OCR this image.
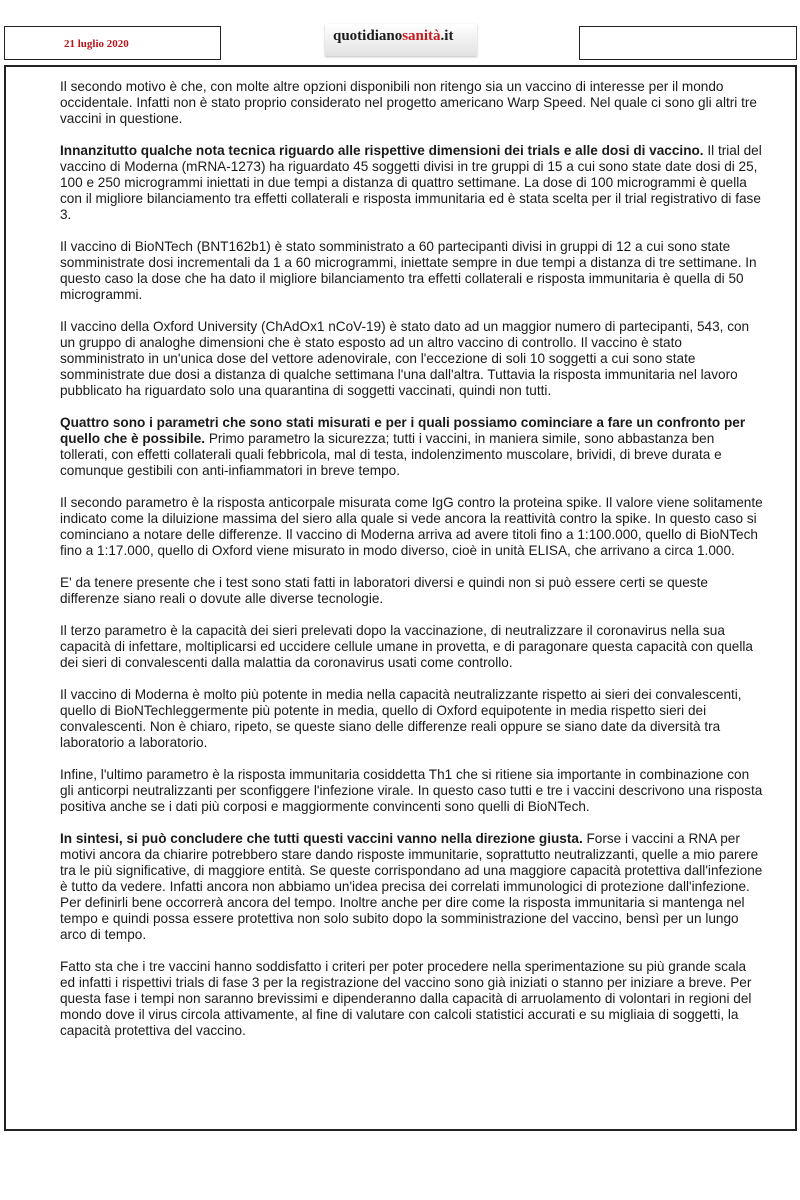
21 luglio 2020	quotidianosanità.it

Il secondo motivo è che, con molte altre opzioni disponibili non ritengo sia un vaccino di interesse per il mondo occidentale. Infatti non è stato proprio considerato nel progetto americano Warp Speed. Nel quale ci sono gli altri tre vaccini in questione.

Innanzitutto qualche nota tecnica riguardo alle rispettive dimensioni dei trials e alle dosi di vaccino. Il trial del vaccino di Moderna (mRNA-1273) ha riguardato 45 soggetti divisi in tre gruppi di 15 a cui sono state date dosi di 25, 100 e 250 microgrammi iniettati in due tempi a distanza di quattro settimane. La dose di 100 microgrammi è quella con il migliore bilanciamento tra effetti collaterali e risposta immunitaria ed è stata scelta per il trial registrativo di fase 3.

Il vaccino di BioNTech (BNT162b1) è stato somministrato a 60 partecipanti divisi in gruppi di 12 a cui sono state somministrate dosi incrementali da 1 a 60 microgrammi, iniettate sempre in due tempi a distanza di tre settimane. In questo caso la dose che ha dato il migliore bilanciamento tra effetti collaterali e risposta immunitaria è quella di 50 microgrammi.

Il vaccino della Oxford University (ChAdOx1 nCoV-19) è stato dato ad un maggior numero di partecipanti, 543, con un gruppo di analoghe dimensioni che è stato esposto ad un altro vaccino di controllo. Il vaccino è stato somministrato in un'unica dose del vettore adenovirale, con l'eccezione di soli 10 soggetti a cui sono state somministrate due dosi a distanza di qualche settimana l'una dall'altra. Tuttavia la risposta immunitaria nel lavoro pubblicato ha riguardato solo una quarantina di soggetti vaccinati, quindi non tutti.

Quattro sono i parametri che sono stati misurati e per i quali possiamo cominciare a fare un confronto per quello che è possibile. Primo parametro la sicurezza; tutti i vaccini, in maniera simile, sono abbastanza ben tollerati, con effetti collaterali quali febbricola, mal di testa, indolenzimento muscolare, brividi, di breve durata e comunque gestibili con anti-infiammatori in breve tempo.

Il secondo parametro è la risposta anticorpale misurata come IgG contro la proteina spike. Il valore viene solitamente indicato come la diluizione massima del siero alla quale si vede ancora la reattività contro la spike. In questo caso si cominciano a notare delle differenze. Il vaccino di Moderna arriva ad avere titoli fino a 1:100.000, quello di BioNTech fino a 1:17.000, quello di Oxford viene misurato in modo diverso, cioè in unità ELISA, che arrivano a circa 1.000.

E' da tenere presente che i test sono stati fatti in laboratori diversi e quindi non si può essere certi se queste differenze siano reali o dovute alle diverse tecnologie.

Il terzo parametro è la capacità dei sieri prelevati dopo la vaccinazione, di neutralizzare il coronavirus nella sua capacità di infettare, moltiplicarsi ed uccidere cellule umane in provetta, e di paragonare questa capacità con quella dei sieri di convalescenti dalla malattia da coronavirus usati come controllo.

Il vaccino di Moderna è molto più potente in media nella capacità neutralizzante rispetto ai sieri dei convalescenti, quello di BioNTechleggermente più potente in media, quello di Oxford equipotente in media rispetto sieri dei convalescenti. Non è chiaro, ripeto, se queste siano delle differenze reali oppure se siano date da diversità tra laboratorio a laboratorio.

Infine, l'ultimo parametro è la risposta immunitaria cosiddetta Th1 che si ritiene sia importante in combinazione con gli anticorpi neutralizzanti per sconfiggere l'infezione virale. In questo caso tutti e tre i vaccini descrivono una risposta positiva anche se i dati più corposi e maggiormente convincenti sono quelli di BioNTech.

In sintesi, si può concludere che tutti questi vaccini vanno nella direzione giusta. Forse i vaccini a RNA per motivi ancora da chiarire potrebbero stare dando risposte immunitarie, soprattutto neutralizzanti, quelle a mio parere tra le più significative, di maggiore entità. Se queste corrispondano ad una maggiore capacità protettiva dall'infezione è tutto da vedere. Infatti ancora non abbiamo un'idea precisa dei correlati immunologici di protezione dall'infezione. Per definirli bene occorrerà ancora del tempo. Inoltre anche per dire come la risposta immunitaria si mantenga nel tempo e quindi possa essere protettiva non solo subito dopo la somministrazione del vaccino, bensì per un lungo arco di tempo.

Fatto sta che i tre vaccini hanno soddisfatto i criteri per poter procedere nella sperimentazione su più grande scala ed infatti i rispettivi trials di fase 3 per la registrazione del vaccino sono già iniziati o stanno per iniziare a breve. Per questa fase i tempi non saranno brevissimi e dipenderanno dalla capacità di arruolamento di volontari in regioni del mondo dove il virus circola attivamente, al fine di valutare con calcoli statistici accurati e su migliaia di soggetti, la capacità protettiva del vaccino.
